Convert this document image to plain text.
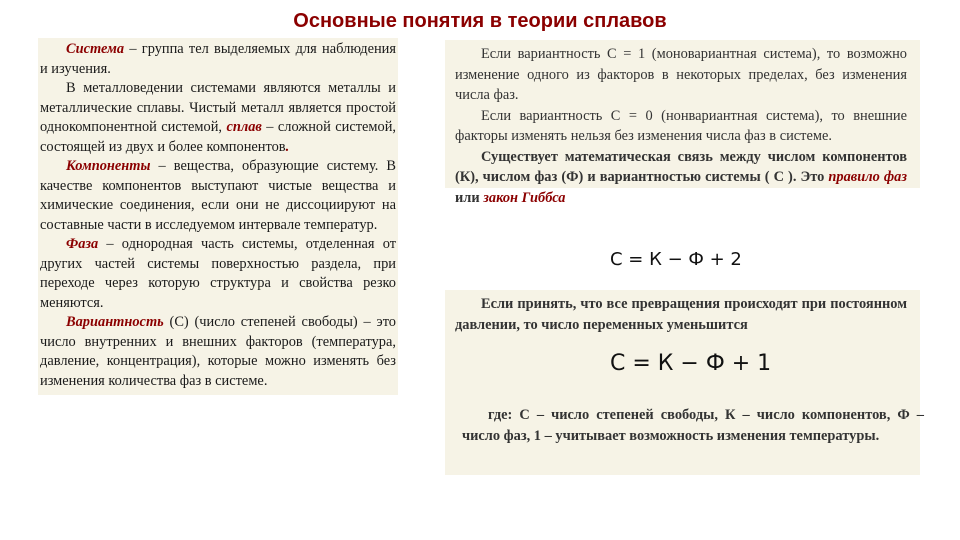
Основные понятия в теории сплавов

Система – группа тел выделяемых для наблюдения и изучения.

В металловедении системами являются металлы и металлические сплавы. Чистый металл является простой однокомпонентной системой, сплав – сложной системой, состоящей из двух и более компонентов.

Компоненты – вещества, образующие систему. В качестве компонентов выступают чистые вещества и химические соединения, если они не диссоциируют на составные части в исследуемом интервале температур.

Фаза – однородная часть системы, отделенная от других частей системы поверхностью раздела, при переходе через которую структура и свойства резко меняются.

Вариантность (С) (число степеней свободы) – это число внутренних и внешних факторов (температура, давление, концентрация), которые можно изменять без изменения количества фаз в системе.

Если вариантность С = 1 (моновариантная система), то возможно изменение одного из факторов в некоторых пределах, без изменения числа фаз.

Если вариантность С = 0 (нонвариантная система), то внешние факторы изменять нельзя без изменения числа фаз в системе.

Существует математическая связь между числом компонентов (К), числом фаз (Ф) и вариантностью системы ( С ). Это правило фаз или закон Гиббса

С = К − Ф + 2

Если принять, что все превращения происходят при постоянном давлении, то число переменных уменьшится

С = К − Ф + 1

где: С – число степеней свободы, К – число компонентов, Ф – число фаз, 1 – учитывает возможность изменения температуры.
